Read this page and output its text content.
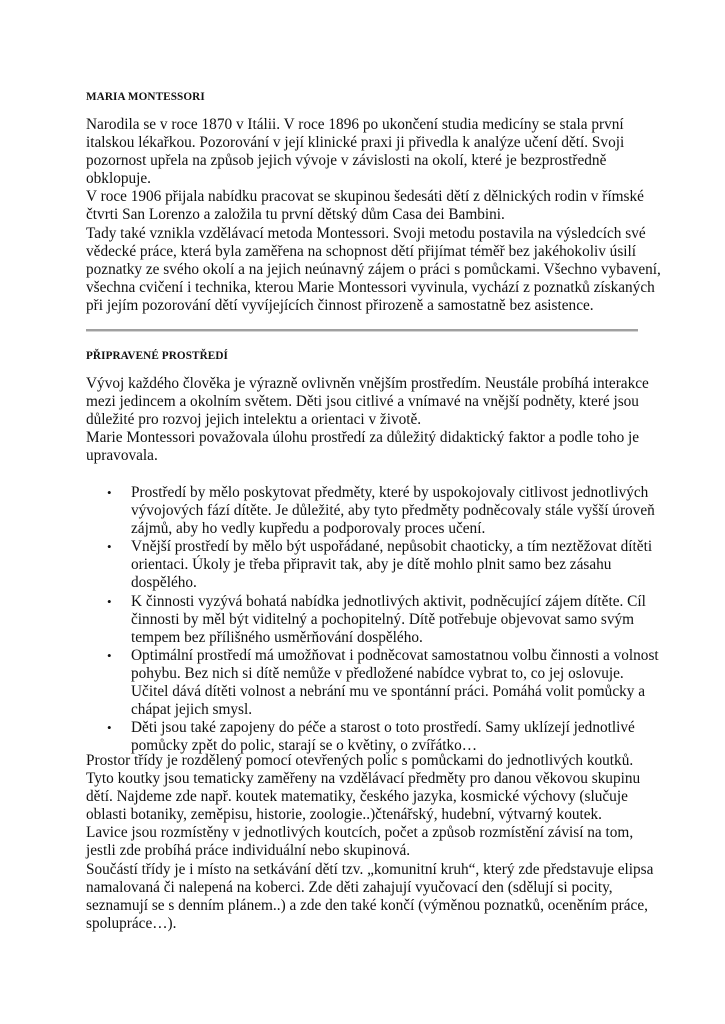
MARIA MONTESSORI
Narodila se v roce 1870 v Itálii. V roce 1896 po ukončení studia medicíny se stala první
italskou lékařkou. Pozorování v její klinické praxi ji přivedla k analýze učení dětí. Svoji
pozornost upřela na způsob jejich vývoje v závislosti na okolí, které je bezprostředně
obklopuje.
V roce 1906 přijala nabídku pracovat se skupinou šedesáti dětí z dělnických rodin v římské
čtvrti San Lorenzo a založila tu první dětský dům Casa dei Bambini.
Tady také vznikla vzdělávací metoda Montessori. Svoji metodu postavila na výsledcích své
vědecké práce, která byla zaměřena na schopnost dětí přijímat téměř bez jakéhokoliv úsilí
poznatky ze svého okolí a na jejich neúnavný zájem o práci s pomůckami. Všechno vybavení,
všechna cvičení i technika, kterou Marie Montessori vyvinula, vychází z poznatků získaných
při jejím pozorování dětí vyvíjejících činnost přirozeně a samostatně bez asistence.
PŘIPRAVENÉ PROSTŘEDÍ
Vývoj každého člověka je výrazně ovlivněn vnějším prostředím. Neustále probíhá interakce
mezi jedincem a okolním světem. Děti jsou citlivé a vnímavé na vnější podněty, které jsou
důležité pro rozvoj jejich intelektu a orientaci v životě.
Marie Montessori považovala úlohu prostředí za důležitý didaktický faktor a podle toho je
upravovala.
• Prostředí by mělo poskytovat předměty, které by uspokojovaly citlivost jednotlivých
vývojových fází dítěte. Je důležité, aby tyto předměty podněcovaly stále vyšší úroveň
zájmů, aby ho vedly kupředu a podporovaly proces učení.
• Vnější prostředí by mělo být uspořádané, nepůsobit chaoticky, a tím neztěžovat dítěti
orientaci. Úkoly je třeba připravit tak, aby je dítě mohlo plnit samo bez zásahu
dospělého.
• K činnosti vyzývá bohatá nabídka jednotlivých aktivit, podněcující zájem dítěte. Cíl
činnosti by měl být viditelný a pochopitelný. Dítě potřebuje objevovat samo svým
tempem bez přílišného usměrňování dospělého.
• Optimální prostředí má umožňovat i podněcovat samostatnou volbu činnosti a volnost
pohybu. Bez nich si dítě nemůže v předložené nabídce vybrat to, co jej oslovuje.
Učitel dává dítěti volnost a nebrání mu ve spontánní práci. Pomáhá volit pomůcky a
chápat jejich smysl.
• Děti jsou také zapojeny do péče a starost o toto prostředí. Samy uklízejí jednotlivé
pomůcky zpět do polic, starají se o květiny, o zvířátko…
Prostor třídy je rozdělený pomocí otevřených polic s pomůckami do jednotlivých koutků.
Tyto koutky jsou tematicky zaměřeny na vzdělávací předměty pro danou věkovou skupinu
dětí. Najdeme zde např. koutek matematiky, českého jazyka, kosmické výchovy (slučuje
oblasti botaniky, zeměpisu, historie, zoologie..)čtenářský, hudební, výtvarný koutek.
Lavice jsou rozmístěny v jednotlivých koutcích, počet a způsob rozmístění závisí na tom,
jestli zde probíhá práce individuální nebo skupinová.
Součástí třídy je i místo na setkávání dětí tzv. „komunitní kruh“, který zde představuje elipsa
namalovaná či nalepená na koberci. Zde děti zahajují vyučovací den (sdělují si pocity,
seznamují se s denním plánem..) a zde den také končí (výměnou poznatků, oceněním práce,
spolupráce…).
